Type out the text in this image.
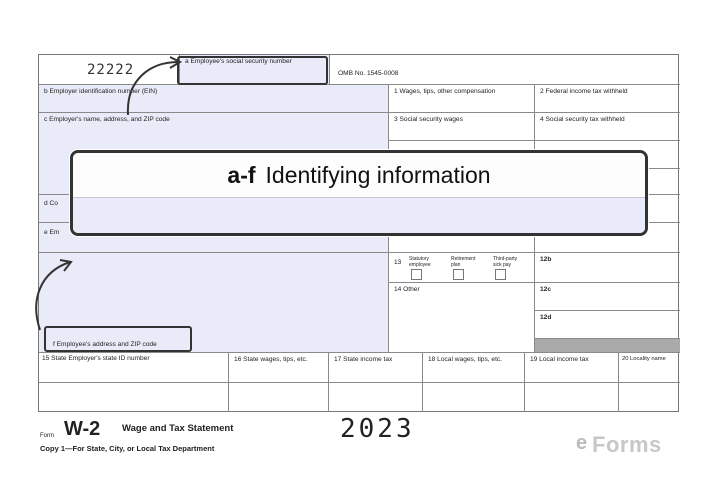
22222
a Employee's social security number
OMB No. 1545-0008
b Employer identification number (EIN)	1 Wages, tips, other compensation	2 Federal income tax withheld
c Employer's name, address, and ZIP code	3 Social security wages	4 Social security tax withheld
d Co
e Em
f Employee's address and ZIP code
13 Statutory employee
Retirement plan
Third-party sick pay
12b
14 Other	12c
12d
15 State Employer's state ID number	16 State wages, tips, etc.	17 State income tax	18 Local wages, tips, etc.	19 Local income tax	20 Locality name
a-f Identifying information
Form W-2 Wage and Tax Statement
Copy 1—For State, City, or Local Tax Department
2023	e Forms
